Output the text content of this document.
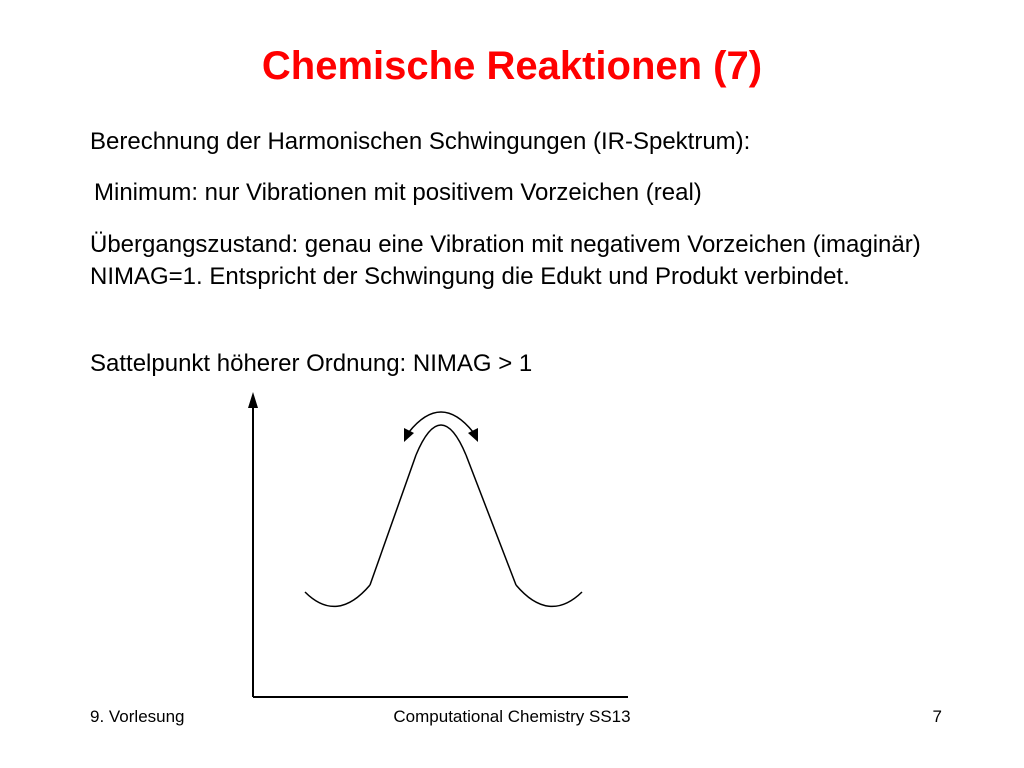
Chemische Reaktionen (7)

Berechnung der Harmonischen Schwingungen (IR-Spektrum):

Minimum: nur Vibrationen mit positivem Vorzeichen (real)

Übergangszustand: genau eine Vibration mit negativem Vorzeichen (imaginär) NIMAG=1. Entspricht der Schwingung die Edukt und Produkt verbindet.

Sattelpunkt höherer Ordnung: NIMAG > 1

9. Vorlesung	Computational Chemistry SS13	7
